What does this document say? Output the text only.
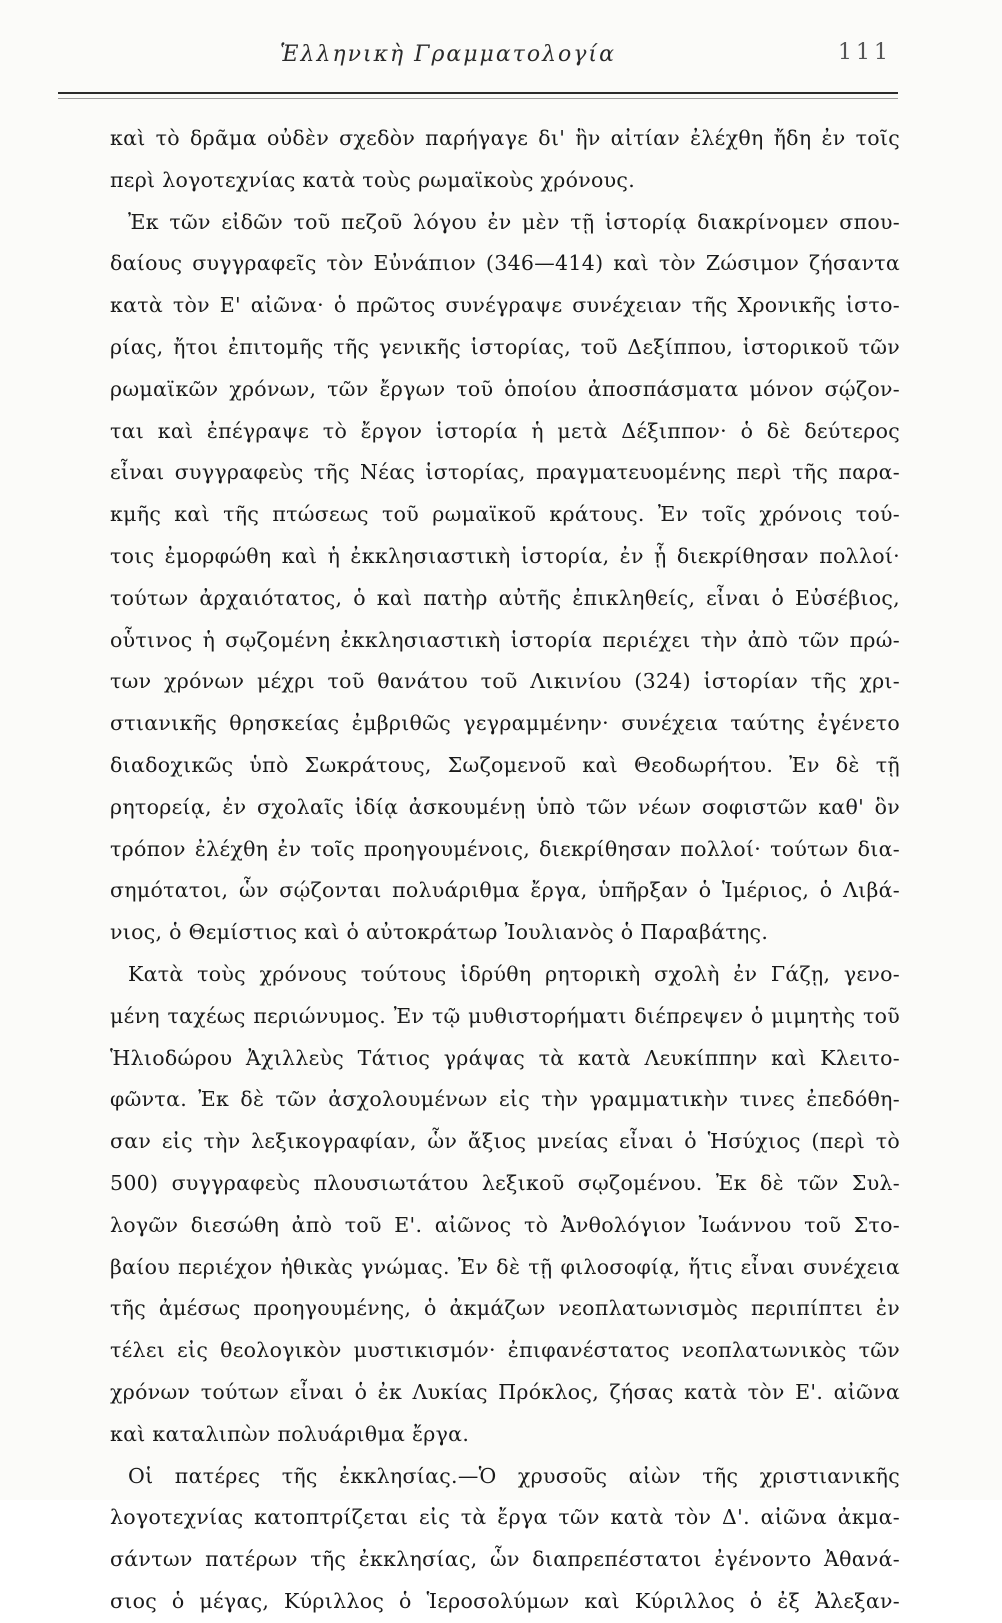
Ἑλληνικὴ Γραμματολογία	111
καὶ τὸ δρᾶμα οὐδὲν σχεδὸν παρήγαγε δι' ἣν αἰτίαν ἐλέχθη ἤδη ἐν τοῖς
περὶ λογοτεχνίας κατὰ τοὺς ρωμαϊκοὺς χρόνους.
Ἐκ τῶν εἰδῶν τοῦ πεζοῦ λόγου ἐν μὲν τῇ ἱστορίᾳ διακρίνομεν σπου-
δαίους συγγραφεῖς τὸν Εὐνάπιον (346—414) καὶ τὸν Ζώσιμον ζήσαντα
κατὰ τὸν Ε' αἰῶνα· ὁ πρῶτος συνέγραψε συνέχειαν τῆς Χρονικῆς ἱστο-
ρίας, ἤτοι ἐπιτομῆς τῆς γενικῆς ἱστορίας, τοῦ Δεξίππου, ἱστορικοῦ τῶν
ρωμαϊκῶν χρόνων, τῶν ἔργων τοῦ ὁποίου ἀποσπάσματα μόνον σῴζον-
ται καὶ ἐπέγραψε τὸ ἔργον ἱστορία ἡ μετὰ Δέξιππον· ὁ δὲ δεύτερος
εἶναι συγγραφεὺς τῆς Νέας ἱστορίας, πραγματευομένης περὶ τῆς παρα-
κμῆς καὶ τῆς πτώσεως τοῦ ρωμαϊκοῦ κράτους. Ἐν τοῖς χρόνοις τού-
τοις ἐμορφώθη καὶ ἡ ἐκκλησιαστικὴ ἱστορία, ἐν ᾗ διεκρίθησαν πολλοί·
τούτων ἀρχαιότατος, ὁ καὶ πατὴρ αὐτῆς ἐπικληθείς, εἶναι ὁ Εὐσέβιος,
οὗτινος ἡ σῳζομένη ἐκκλησιαστικὴ ἱστορία περιέχει τὴν ἀπὸ τῶν πρώ-
των χρόνων μέχρι τοῦ θανάτου τοῦ Λικινίου (324) ἱστορίαν τῆς χρι-
στιανικῆς θρησκείας ἐμβριθῶς γεγραμμένην· συνέχεια ταύτης ἐγένετο
διαδοχικῶς ὑπὸ Σωκράτους, Σωζομενοῦ καὶ Θεοδωρήτου. Ἐν δὲ τῇ
ρητορείᾳ, ἐν σχολαῖς ἰδίᾳ ἀσκουμένῃ ὑπὸ τῶν νέων σοφιστῶν καθ' ὃν
τρόπον ἐλέχθη ἐν τοῖς προηγουμένοις, διεκρίθησαν πολλοί· τούτων δια-
σημότατοι, ὧν σῴζονται πολυάριθμα ἔργα, ὑπῆρξαν ὁ Ἱμέριος, ὁ Λιβά-
νιος, ὁ Θεμίστιος καὶ ὁ αὐτοκράτωρ Ἰουλιανὸς ὁ Παραβάτης.
Κατὰ τοὺς χρόνους τούτους ἱδρύθη ρητορικὴ σχολὴ ἐν Γάζῃ, γενο-
μένη ταχέως περιώνυμος. Ἐν τῷ μυθιστορήματι διέπρεψεν ὁ μιμητὴς τοῦ
Ἡλιοδώρου Ἀχιλλεὺς Τάτιος γράψας τὰ κατὰ Λευκίππην καὶ Κλειτο-
φῶντα. Ἐκ δὲ τῶν ἀσχολουμένων εἰς τὴν γραμματικὴν τινες ἐπεδόθη-
σαν εἰς τὴν λεξικογραφίαν, ὧν ἄξιος μνείας εἶναι ὁ Ἡσύχιος (περὶ τὸ
500) συγγραφεὺς πλουσιωτάτου λεξικοῦ σῳζομένου. Ἐκ δὲ τῶν Συλ-
λογῶν διεσώθη ἀπὸ τοῦ Ε'. αἰῶνος τὸ Ἀνθολόγιον Ἰωάννου τοῦ Στο-
βαίου περιέχον ἠθικὰς γνώμας. Ἐν δὲ τῇ φιλοσοφίᾳ, ἥτις εἶναι συνέχεια
τῆς ἀμέσως προηγουμένης, ὁ ἀκμάζων νεοπλατωνισμὸς περιπίπτει ἐν
τέλει εἰς θεολογικὸν μυστικισμόν· ἐπιφανέστατος νεοπλατωνικὸς τῶν
χρόνων τούτων εἶναι ὁ ἐκ Λυκίας Πρόκλος, ζήσας κατὰ τὸν Ε'. αἰῶνα
καὶ καταλιπὼν πολυάριθμα ἔργα.
Οἱ πατέρες τῆς ἐκκλησίας.—Ὁ χρυσοῦς αἰὼν τῆς χριστιανικῆς
λογοτεχνίας κατοπτρίζεται εἰς τὰ ἔργα τῶν κατὰ τὸν Δ'. αἰῶνα ἀκμα-
σάντων πατέρων τῆς ἐκκλησίας, ὧν διαπρεπέστατοι ἐγένοντο Ἀθανά-
σιος ὁ μέγας, Κύριλλος ὁ Ἱεροσολύμων καὶ Κύριλλος ὁ ἐξ Ἀλεξαν-
